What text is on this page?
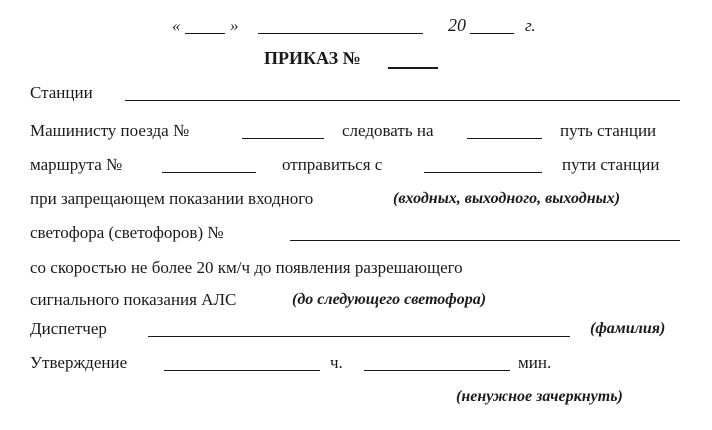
«	»	20	г.
ПРИКАЗ №
Станции
Машинисту поезда №	следовать на	путь станции
маршрута №	отправиться с	пути станции
при запрещающем показании входного	(входных, выходного, выходных)
светофора (светофоров) №
со скоростью не более 20 км/ч до появления разрешающего
сигнального показания АЛС	(до следующего светофора)
Диспетчер	(фамилия)
Утверждение	ч.	мин.
(ненужное зачеркнуть)
